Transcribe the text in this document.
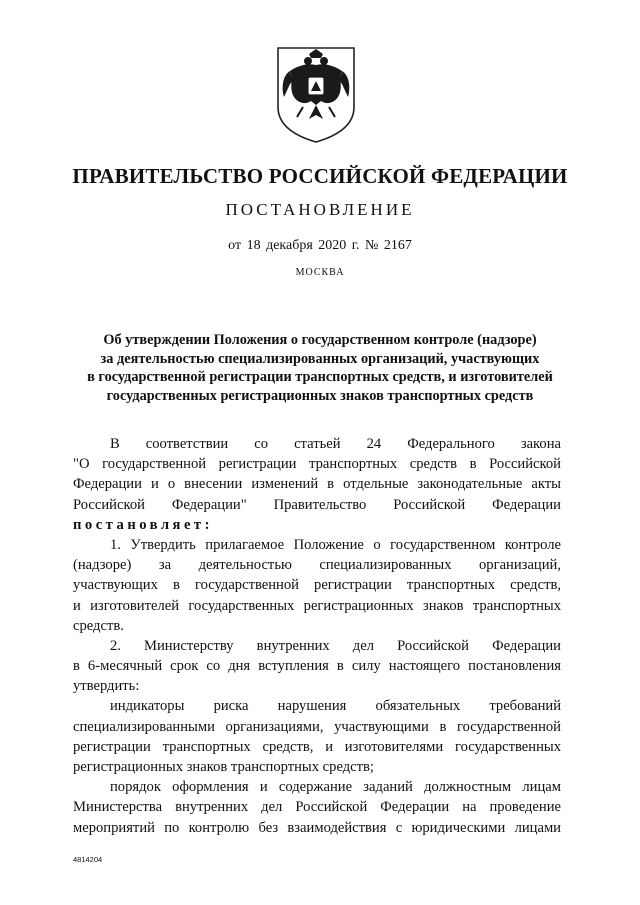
ПРАВИТЕЛЬСТВО РОССИЙСКОЙ ФЕДЕРАЦИИ
ПОСТАНОВЛЕНИЕ
от 18 декабря 2020 г. № 2167
МОСКВА
Об утверждении Положения о государственном контроле (надзоре)
за деятельностью специализированных организаций, участвующих
в государственной регистрации транспортных средств, и изготовителей
государственных регистрационных знаков транспортных средств
В соответствии со статьей 24 Федерального закона
"О государственной регистрации транспортных средств в Российской
Федерации и о внесении изменений в отдельные законодательные акты
Российской Федерации" Правительство Российской Федерации
постановляет:
1. Утвердить прилагаемое Положение о государственном контроле
(надзоре) за деятельностью специализированных организаций,
участвующих в государственной регистрации транспортных средств,
и изготовителей государственных регистрационных знаков транспортных
средств.
2. Министерству внутренних дел Российской Федерации
в 6-месячный срок со дня вступления в силу настоящего постановления
утвердить:
индикаторы риска нарушения обязательных требований
специализированными организациями, участвующими в государственной
регистрации транспортных средств, и изготовителями государственных
регистрационных знаков транспортных средств;
порядок оформления и содержание заданий должностным лицам
Министерства внутренних дел Российской Федерации на проведение
мероприятий по контролю без взаимодействия с юридическими лицами
4814204
